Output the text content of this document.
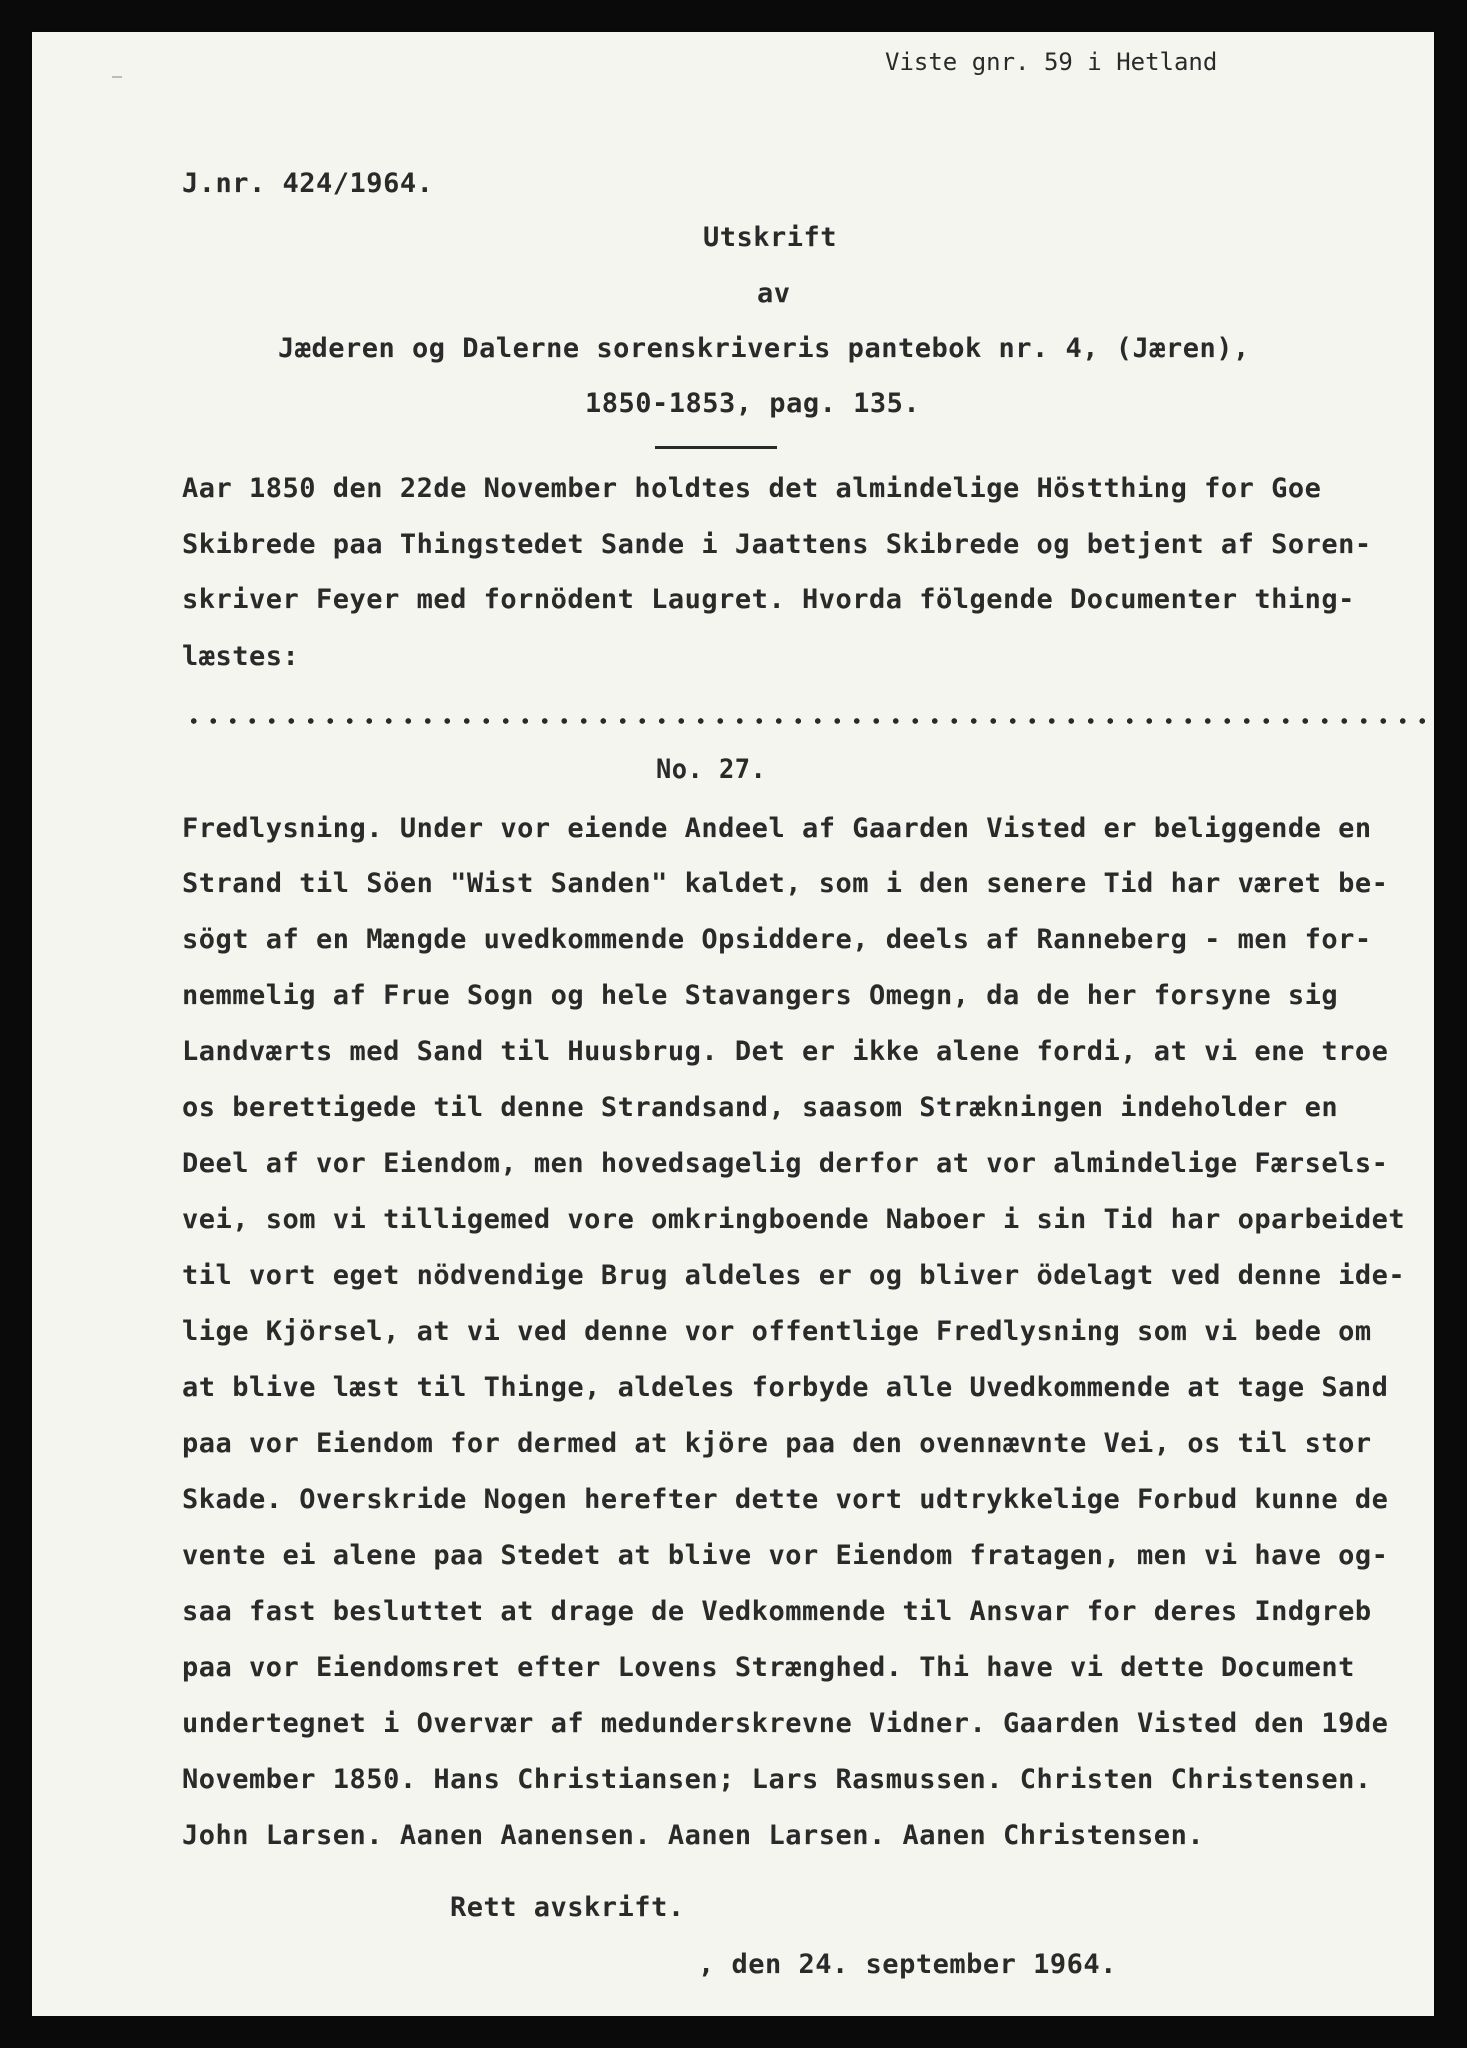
Viste gnr. 59 i Hetland
J.nr. 424/1964.
Utskrift
av
Jæderen og Dalerne sorenskriveris pantebok nr. 4, (Jæren),
1850-1853, pag. 135.
Aar 1850 den 22de November holdtes det almindelige Höstthing for Goe
Skibrede paa Thingstedet Sande i Jaattens Skibrede og betjent af Soren-
skriver Feyer med fornödent Laugret. Hvorda fölgende Documenter thing-
læstes:
No. 27.
Fredlysning. Under vor eiende Andeel af Gaarden Visted er beliggende en
Strand til Söen "Wist Sanden" kaldet, som i den senere Tid har været be-
sögt af en Mængde uvedkommende Opsiddere, deels af Ranneberg - men for-
nemmelig af Frue Sogn og hele Stavangers Omegn, da de her forsyne sig
Landværts med Sand til Huusbrug. Det er ikke alene fordi, at vi ene troe
os berettigede til denne Strandsand, saasom Strækningen indeholder en
Deel af vor Eiendom, men hovedsagelig derfor at vor almindelige Færsels-
vei, som vi tilligemed vore omkringboende Naboer i sin Tid har oparbeidet
til vort eget nödvendige Brug aldeles er og bliver ödelagt ved denne ide-
lige Kjörsel, at vi ved denne vor offentlige Fredlysning som vi bede om
at blive læst til Thinge, aldeles forbyde alle Uvedkommende at tage Sand
paa vor Eiendom for dermed at kjöre paa den ovennævnte Vei, os til stor
Skade. Overskride Nogen herefter dette vort udtrykkelige Forbud kunne de
vente ei alene paa Stedet at blive vor Eiendom fratagen, men vi have og-
saa fast besluttet at drage de Vedkommende til Ansvar for deres Indgreb
paa vor Eiendomsret efter Lovens Strænghed. Thi have vi dette Document
undertegnet i Overvær af medunderskrevne Vidner. Gaarden Visted den 19de
November 1850. Hans Christiansen; Lars Rasmussen. Christen Christensen.
John Larsen. Aanen Aanensen. Aanen Larsen. Aanen Christensen.
Rett avskrift.
, den 24. september 1964.
